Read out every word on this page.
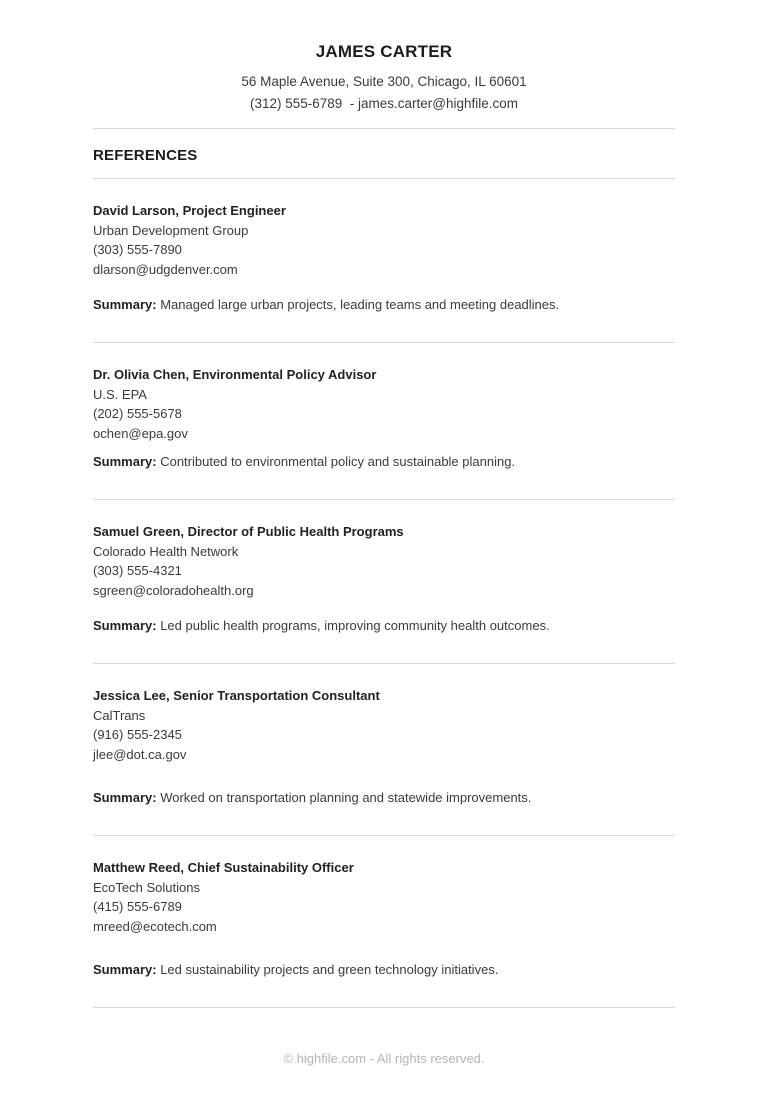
JAMES CARTER

56 Maple Avenue, Suite 300, Chicago, IL 60601

(312) 555-6789  - james.carter@highfile.com

REFERENCES

David Larson, Project Engineer

Urban Development Group

(303) 555-7890

dlarson@udgdenver.com

Summary: Managed large urban projects, leading teams and meeting deadlines.

Dr. Olivia Chen, Environmental Policy Advisor

U.S. EPA

(202) 555-5678

ochen@epa.gov

Summary: Contributed to environmental policy and sustainable planning.

Samuel Green, Director of Public Health Programs

Colorado Health Network

(303) 555-4321

sgreen@coloradohealth.org

Summary: Led public health programs, improving community health outcomes.

Jessica Lee, Senior Transportation Consultant

CalTrans

(916) 555-2345

jlee@dot.ca.gov

Summary: Worked on transportation planning and statewide improvements.

Matthew Reed, Chief Sustainability Officer

EcoTech Solutions

(415) 555-6789

mreed@ecotech.com

Summary: Led sustainability projects and green technology initiatives.

© highfile.com - All rights reserved.
